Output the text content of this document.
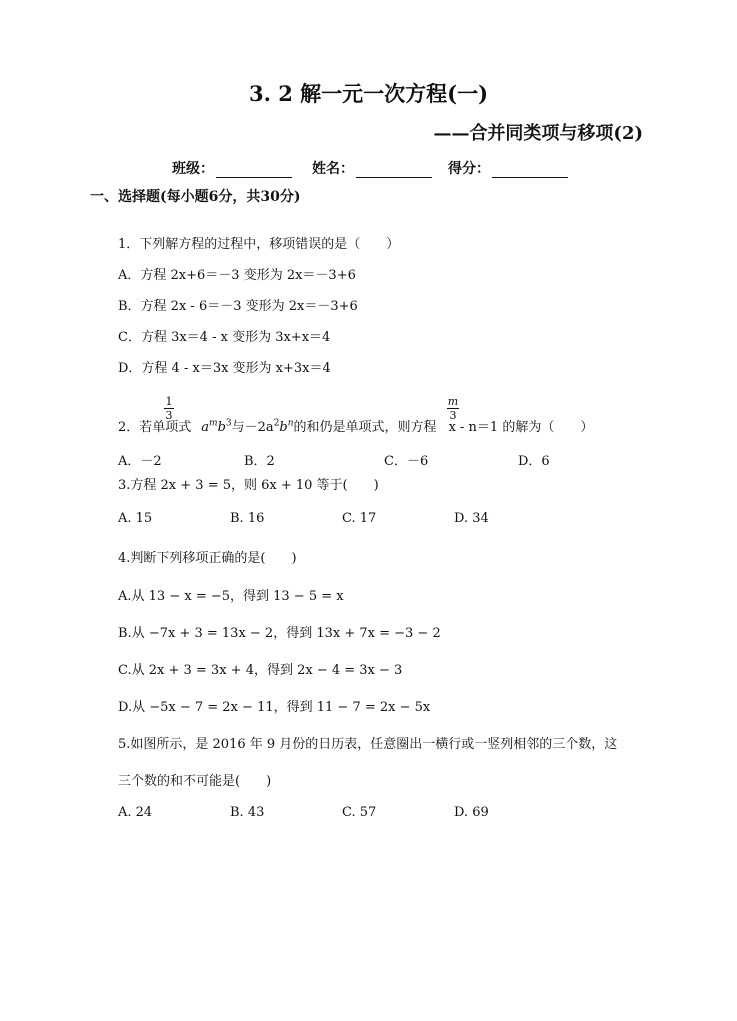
3. 2 解一元一次方程(一)
——合并同类项与移项(2)
班级：	姓名：	得分：
一、选择题(每小题6分，共30分)
1．下列解方程的过程中，移项错误的是（　　）
A．方程 2x+6＝－3 变形为 2x＝－3+6
B．方程 2x - 6＝－3 变形为 2x＝－3+6
C．方程 3x＝4 - x 变形为 3x+x＝4
D．方程 4 - x＝3x 变形为 x+3x＝4
2．若单项式 $a^mb^3$与$-2a^2b^n$的和仍是单项式，则方程 x - n＝1 的解为（　　）
1
3
m
3
A．－2	B．2	C．－6	D．6
3.方程 2x + 3 = 5，则 6x + 10 等于(　　)
A. 15	B. 16	C. 17	D. 34
4.判断下列移项正确的是(　　)
A.从 13 − x = −5，得到 13 − 5 = x
B.从 −7x + 3 = 13x − 2，得到 13x + 7x = −3 − 2
C.从 2x + 3 = 3x + 4，得到 2x − 4 = 3x − 3
D.从 −5x − 7 = 2x − 11，得到 11 − 7 = 2x − 5x
5.如图所示，是 2016 年 9 月份的日历表，任意圈出一横行或一竖列相邻的三个数，这
三个数的和不可能是(　　)
A. 24	B. 43	C. 57	D. 69
